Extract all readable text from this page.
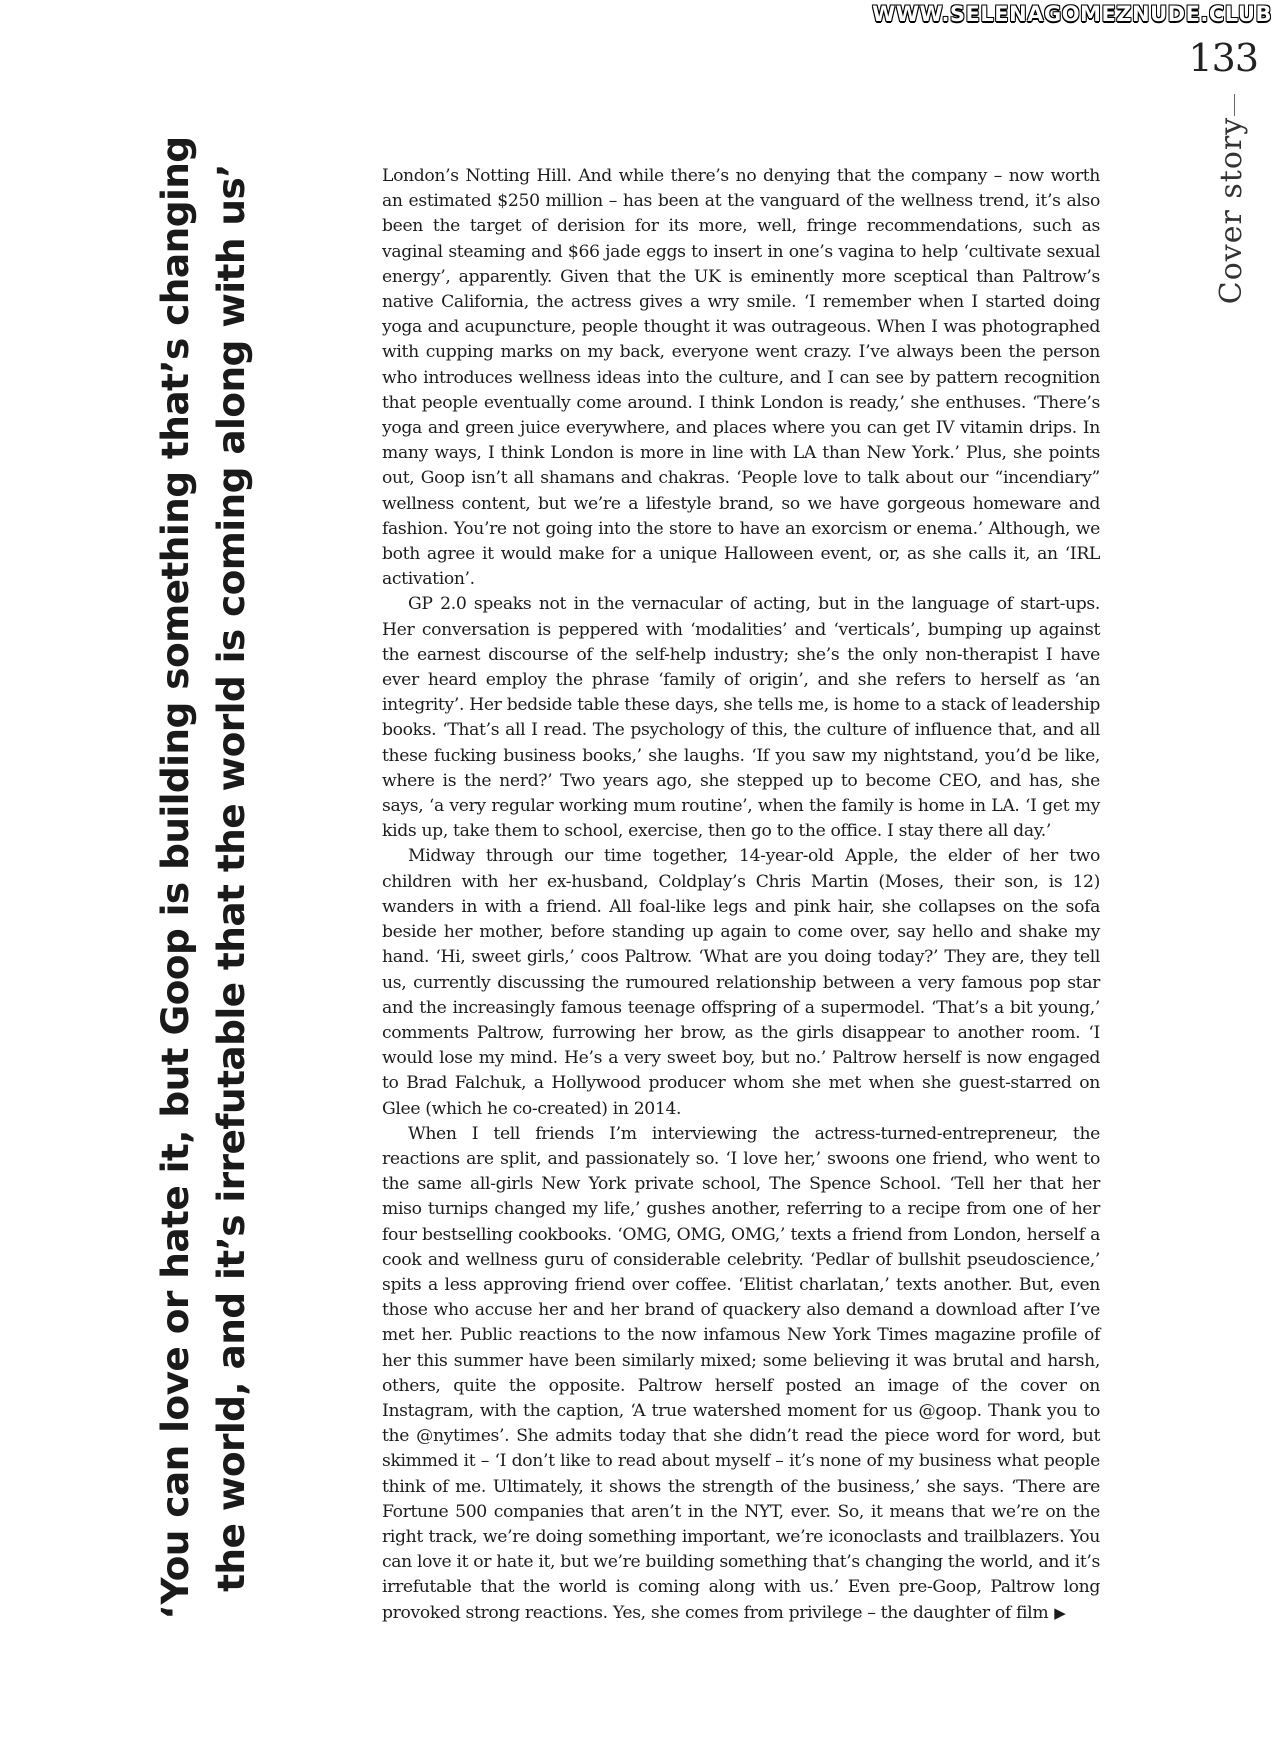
WWW.SELENAGOMEZNUDE.CLUB
133
Cover story

‘You can love or hate it, but Goop is building something that’s changing the world, and it’s irrefutable that the world is coming along with us’	London’s Notting Hill. And while there’s no denying that the company – now worth an estimated $250 million – has been at the vanguard of the wellness trend, it’s also been the target of derision for its more, well, fringe recommendations, such as vaginal steaming and $66 jade eggs to insert in one’s vagina to help ‘cultivate sexual energy’, apparently. Given that the UK is eminently more sceptical than Paltrow’s native California, the actress gives a wry smile. ‘I remember when I started doing yoga and acupuncture, people thought it was outrageous. When I was photographed with cupping marks on my back, everyone went crazy. I’ve always been the person who introduces wellness ideas into the culture, and I can see by pattern recognition that people eventually come around. I think London is ready,’ she enthuses. ‘There’s yoga and green juice everywhere, and places where you can get IV vitamin drips. In many ways, I think London is more in line with LA than New York.’ Plus, she points out, Goop isn’t all shamans and chakras. ‘People love to talk about our “incendiary” wellness content, but we’re a lifestyle brand, so we have gorgeous homeware and fashion. You’re not going into the store to have an exorcism or enema.’ Although, we both agree it would make for a unique Halloween event, or, as she calls it, an ‘IRL activation’.

GP 2.0 speaks not in the vernacular of acting, but in the language of start-ups. Her conversation is peppered with ‘modalities’ and ‘verticals’, bumping up against the earnest discourse of the self-help industry; she’s the only non-therapist I have ever heard employ the phrase ‘family of origin’, and she refers to herself as ‘an integrity’. Her bedside table these days, she tells me, is home to a stack of leadership books. ‘That’s all I read. The psychology of this, the culture of influence that, and all these fucking business books,’ she laughs. ‘If you saw my nightstand, you’d be like, where is the nerd?’ Two years ago, she stepped up to become CEO, and has, she says, ‘a very regular working mum routine’, when the family is home in LA. ‘I get my kids up, take them to school, exercise, then go to the office. I stay there all day.’

Midway through our time together, 14-year-old Apple, the elder of her two children with her ex-husband, Coldplay’s Chris Martin (Moses, their son, is 12) wanders in with a friend. All foal-like legs and pink hair, she collapses on the sofa beside her mother, before standing up again to come over, say hello and shake my hand. ‘Hi, sweet girls,’ coos Paltrow. ‘What are you doing today?’ They are, they tell us, currently discussing the rumoured relationship between a very famous pop star and the increasingly famous teenage offspring of a supermodel. ‘That’s a bit young,’ comments Paltrow, furrowing her brow, as the girls disappear to another room. ‘I would lose my mind. He’s a very sweet boy, but no.’ Paltrow herself is now engaged to Brad Falchuk, a Hollywood producer whom she met when she guest-starred on Glee (which he co-created) in 2014.

When I tell friends I’m interviewing the actress-turned-entrepreneur, the reactions are split, and passionately so. ‘I love her,’ swoons one friend, who went to the same all-girls New York private school, The Spence School. ‘Tell her that her miso turnips changed my life,’ gushes another, referring to a recipe from one of her four bestselling cookbooks. ‘OMG, OMG, OMG,’ texts a friend from London, herself a cook and wellness guru of considerable celebrity. ‘Pedlar of bullshit pseudoscience,’ spits a less approving friend over coffee. ‘Elitist charlatan,’ texts another. But, even those who accuse her and her brand of quackery also demand a download after I’ve met her. Public reactions to the now infamous New York Times magazine profile of her this summer have been similarly mixed; some believing it was brutal and harsh, others, quite the opposite. Paltrow herself posted an image of the cover on Instagram, with the caption, ‘A true watershed moment for us @goop. Thank you to the @nytimes’. She admits today that she didn’t read the piece word for word, but skimmed it – ‘I don’t like to read about myself – it’s none of my business what people think of me. Ultimately, it shows the strength of the business,’ she says. ‘There are Fortune 500 companies that aren’t in the NYT, ever. So, it means that we’re on the right track, we’re doing something important, we’re iconoclasts and trailblazers. You can love it or hate it, but we’re building something that’s changing the world, and it’s irrefutable that the world is coming along with us.’ Even pre-Goop, Paltrow long provoked strong reactions. Yes, she comes from privilege – the daughter of film ▶
